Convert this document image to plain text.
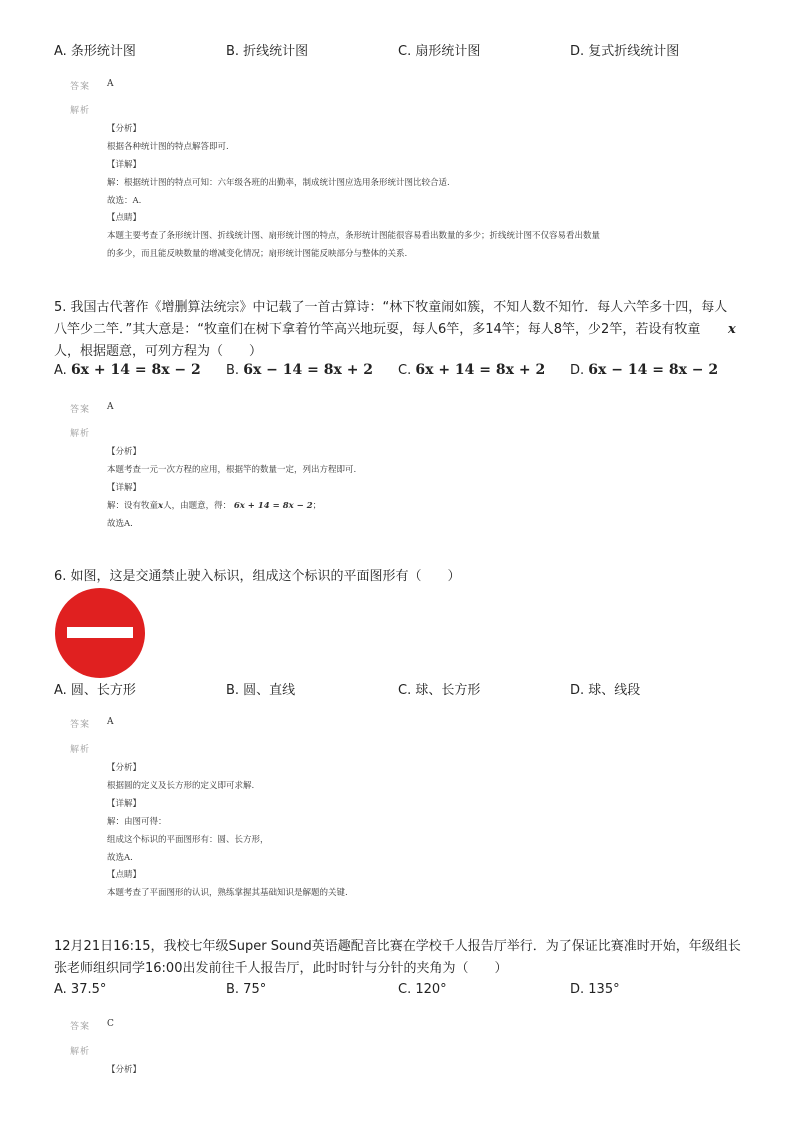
A. 条形统计图	B. 折线统计图	C. 扇形统计图	D. 复式折线统计图
答案 A
解析
【分析】
根据各种统计图的特点解答即可.
【详解】
解：根据统计图的特点可知：六年级各班的出勤率，制成统计图应选用条形统计图比较合适.
故选：A.
【点睛】
本题主要考查了条形统计图、折线统计图、扇形统计图的特点，条形统计图能很容易看出数量的多少；折线统计图不仅容易看出数量
的多少，而且能反映数量的增减变化情况；扇形统计图能反映部分与整体的关系.
5. 我国古代著作《增删算法统宗》中记载了一首古算诗：“林下牧童闹如簇，不知人数不知竹．每人六竿多十四，每人
八竿少二竿．”其大意是：“牧童们在树下拿着竹竿高兴地玩耍，每人6竿，多14竿；每人8竿，少2竿，若设有牧童 x
人，根据题意，可列方程为（　　）
A. 6x + 14 = 8x − 2 B. 6x − 14 = 8x + 2 C. 6x + 14 = 8x + 2 D. 6x − 14 = 8x − 2
答案 A
解析
【分析】
本题考查一元一次方程的应用，根据竿的数量一定，列出方程即可.
【详解】
解：设有牧童x人，由题意，得： 6x + 14 = 8x − 2；
故选A.
6. 如图，这是交通禁止驶入标识，组成这个标识的平面图形有（　　）
A. 圆、长方形	B. 圆、直线	C. 球、长方形	D. 球、线段
答案 A
解析
【分析】
根据圆的定义及长方形的定义即可求解.
【详解】
解：由图可得：
组成这个标识的平面图形有：圆、长方形，
故选A.
【点睛】
本题考查了平面图形的认识，熟练掌握其基础知识是解题的关键.
12月21日16:15，我校七年级Super Sound英语趣配音比赛在学校千人报告厅举行．为了保证比赛准时开始，年级组长
张老师组织同学16:00出发前往千人报告厅，此时时针与分针的夹角为（　　）
A. 37.5°	B. 75°	C. 120°	D. 135°
答案 C
解析
【分析】
